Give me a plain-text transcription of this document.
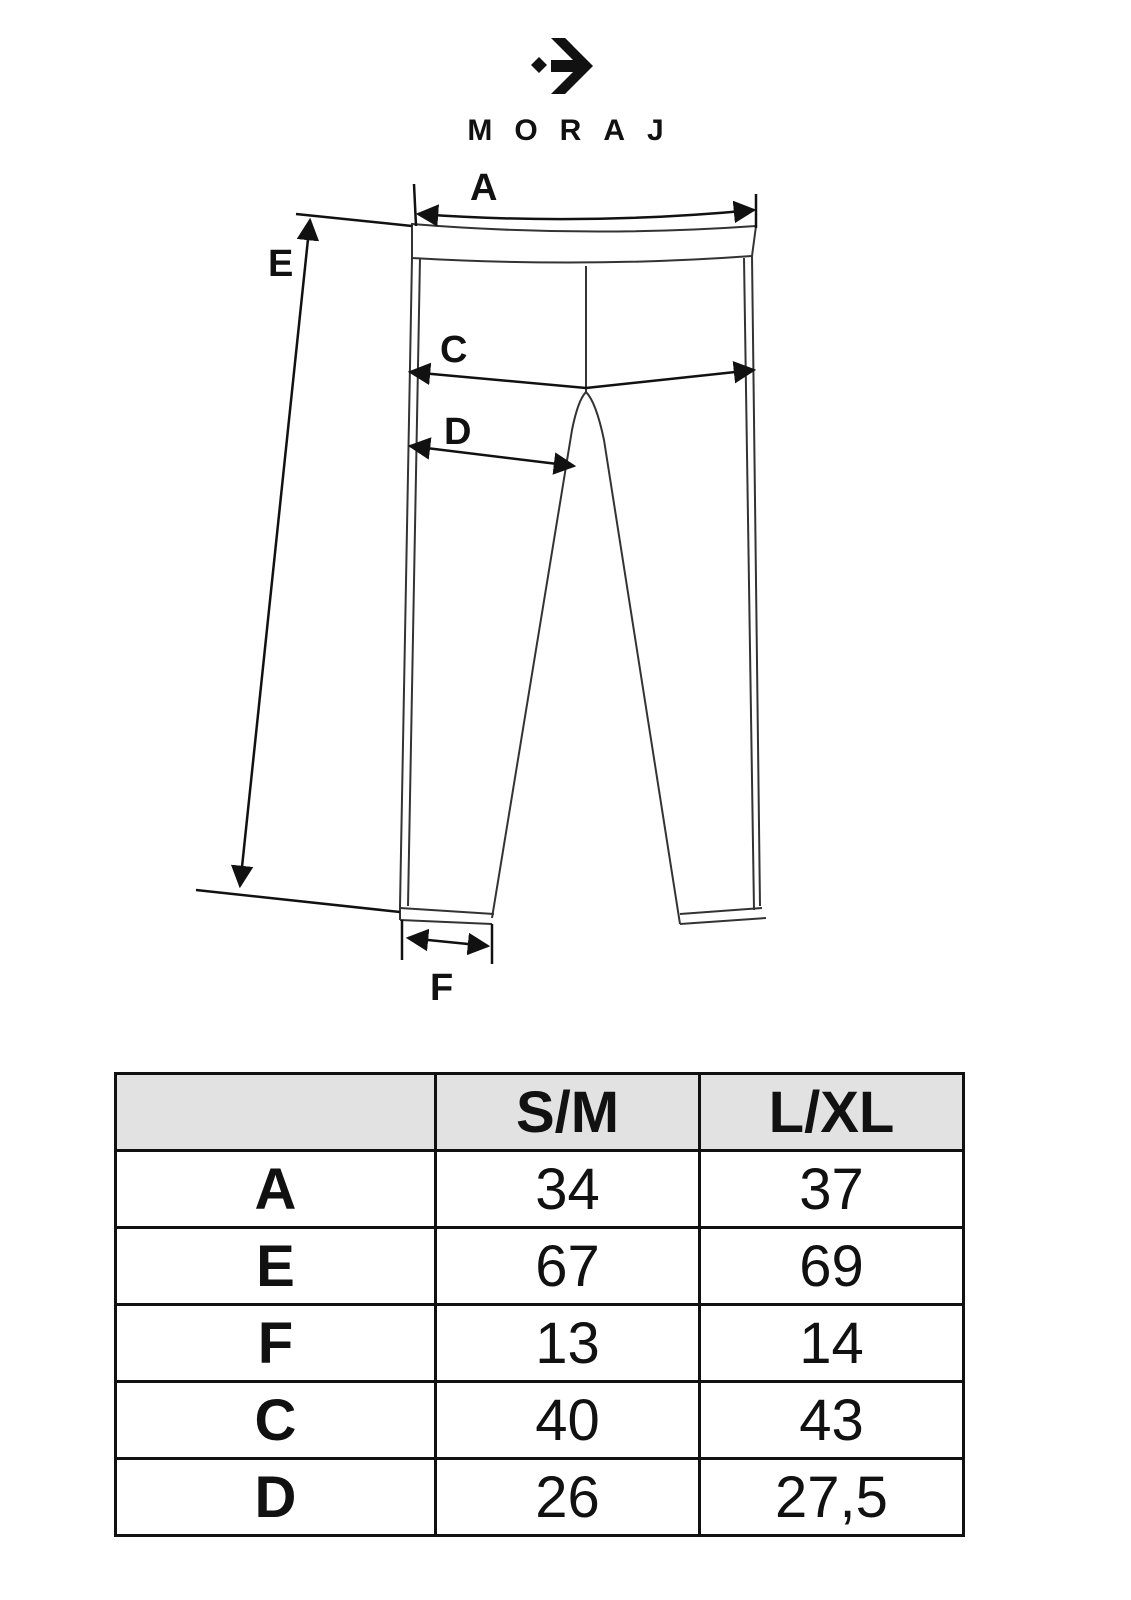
MORAJ
A
E
C
D
F
	S/M	L/XL
A	34	37
E	67	69
F	13	14
C	40	43
D	26	27,5
